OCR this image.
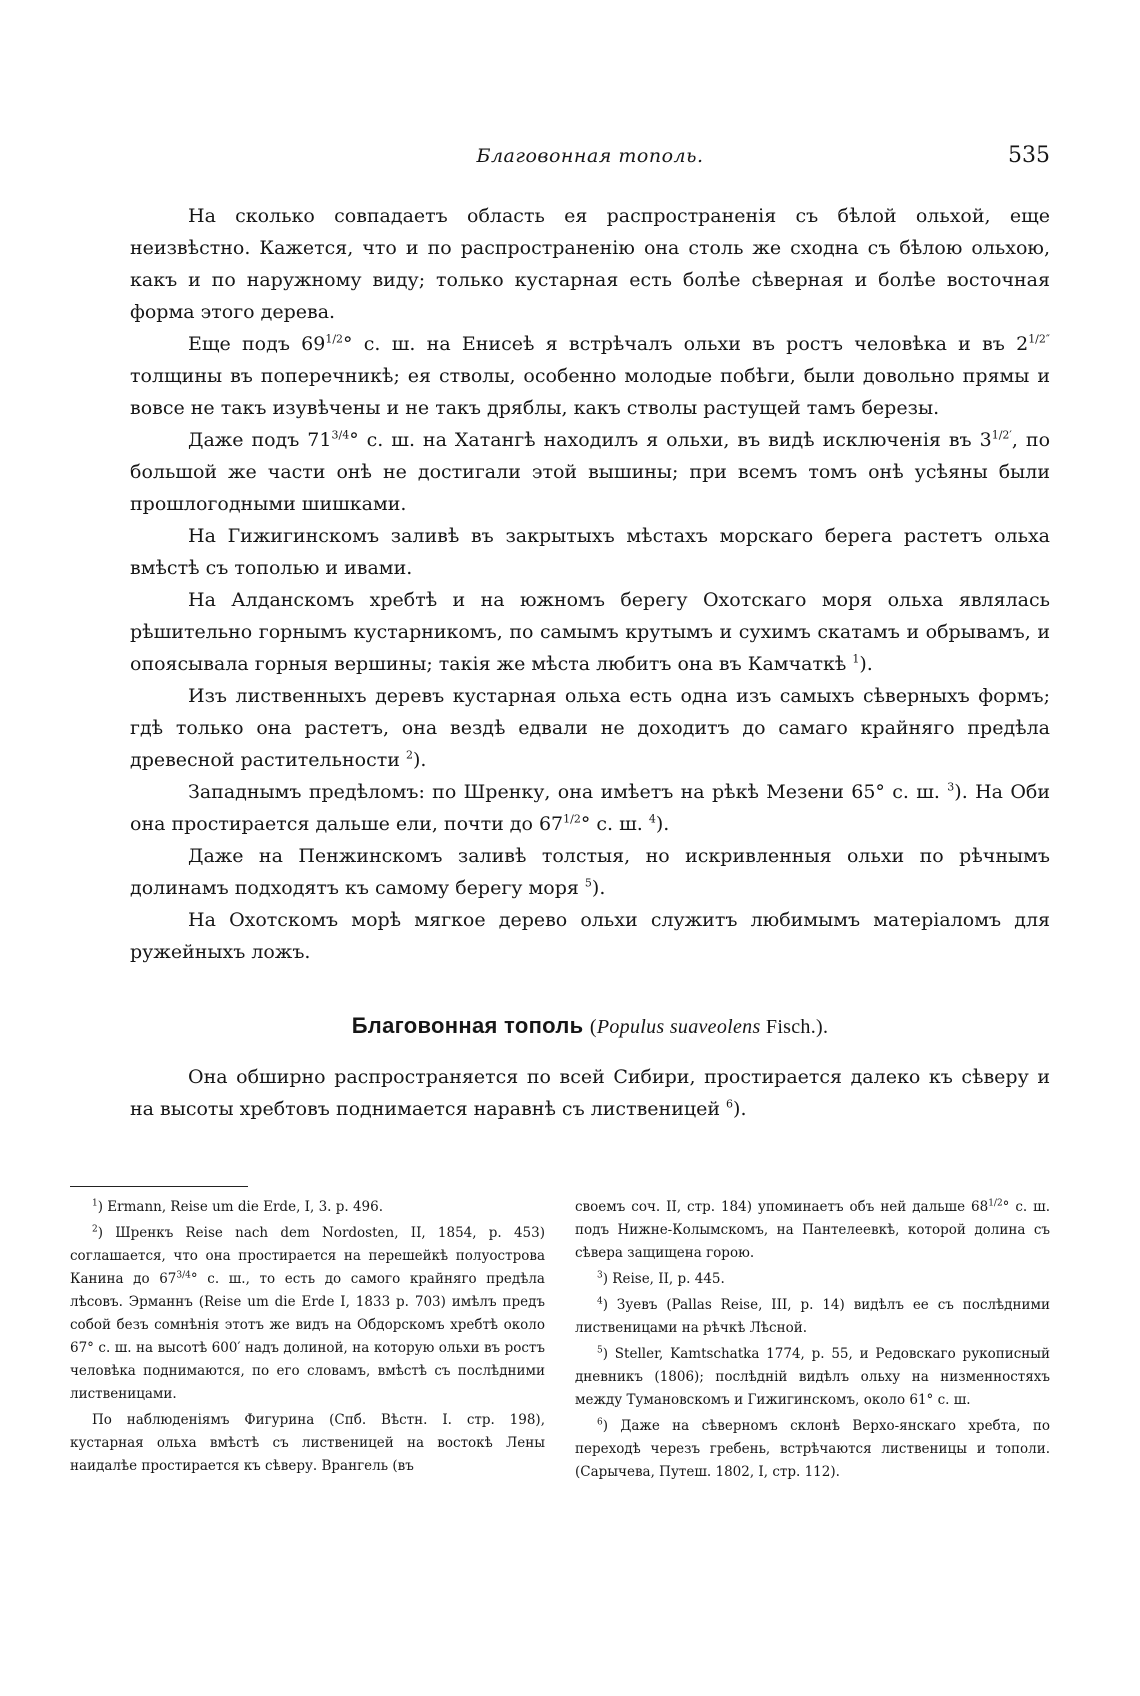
Благовонная тополь.	535

На сколько совпадаетъ область ея распространенія съ бѣлой ольхой, еще неизвѣстно. Кажется, что и по распространенію она столь же сходна съ бѣлою ольхою, какъ и по наружному виду; только кустарная есть болѣе сѣверная и болѣе восточная форма этого дерева.

Еще подъ $69^{1/2}^\circ$ с. ш. на Енисеѣ я встрѣчалъ ольхи въ ростъ человѣка и въ $2^{1/2''}$ толщины въ поперечникѣ; ея стволы, особенно молодые побѣги, были довольно прямы и вовсе не такъ изувѣчены и не такъ дряблы, какъ стволы растущей тамъ березы.

Даже подъ $71^{3/4}^\circ$ с. ш. на Хатангѣ находилъ я ольхи, въ видѣ исключенія въ $3^{1/2'}$, по большой же части онѣ не достигали этой вышины; при всемъ томъ онѣ усѣяны были прошлогодными шишками.

На Гижигинскомъ заливѣ въ закрытыхъ мѣстахъ морскаго берега растетъ ольха вмѣстѣ съ тополью и ивами.

На Алданскомъ хребтѣ и на южномъ берегу Охотскаго моря ольха являлась рѣшительно горнымъ кустарникомъ, по самымъ крутымъ и сухимъ скатамъ и обрывамъ, и опоясывала горныя вершины; такія же мѣста любитъ она въ Камчаткѣ $^1$).

Изъ лиственныхъ деревъ кустарная ольха есть одна изъ самыхъ сѣверныхъ формъ; гдѣ только она растетъ, она вездѣ едвали не доходитъ до самаго крайняго предѣла древесной растительности $^2$).

Западнымъ предѣломъ: по Шренку, она имѣетъ на рѣкѣ Мезени 65° с. ш. $^3$). На Оби она простирается дальше ели, почти до $67^{1/2}^\circ$ с. ш. $^4$).

Даже на Пенжинскомъ заливѣ толстыя, но искривленныя ольхи по рѣчнымъ долинамъ подходятъ къ самому берегу моря $^5$).

На Охотскомъ морѣ мягкое дерево ольхи служитъ любимымъ матеріаломъ для ружейныхъ ложъ.

Благовонная тополь (Populus suaveolens Fisch.).

Она обширно распространяется по всей Сибири, простирается далеко къ сѣверу и на высоты хребтовъ поднимается наравнѣ съ лиственицей $^6$).

$^1$) Ermann, Reise um die Erde, I, 3. p. 496.

$^2$) Шренкъ Reise nach dem Nordosten, II, 1854, p. 453) соглашается, что она простирается на перешейкѣ полуострова Канина до $67^{3/4}^\circ$ с. ш., то есть до самого крайняго предѣла лѣсовъ. Эрманнъ (Reise um die Erde I, 1833 p. 703) имѣлъ предъ собой безъ сомнѣнія этотъ же видъ на Обдорскомъ хребтѣ около 67° с. ш. на высотѣ 600′ надъ долиной, на которую ольхи въ ростъ человѣка поднимаются, по его словамъ, вмѣстѣ съ послѣдними лиственицами.

По наблюденіямъ Фигурина (Спб. Вѣстн. I. стр. 198), кустарная ольха вмѣстѣ съ лиственицей на востокѣ Лены наидалѣе простирается къ сѣверу. Врангель (въ

своемъ соч. II, стр. 184) упоминаетъ объ ней дальше $68^{1/2}^\circ$ с. ш. подъ Нижне-Колымскомъ, на Пантелеевкѣ, которой долина съ сѣвера защищена горою.

$^3$) Reise, II, p. 445.

$^4$) Зуевъ (Pallas Reise, III, p. 14) видѣлъ ее съ послѣдними лиственицами на рѣчкѣ Лѣсной.

$^5$) Steller, Kamtschatka 1774, p. 55, и Редовскаго рукописный дневникъ (1806); послѣдній видѣлъ ольху на низменностяхъ между Тумановскомъ и Гижигинскомъ, около 61° с. ш.

$^6$) Даже на сѣверномъ склонѣ Верхо-янскаго хребта, по переходѣ черезъ гребень, встрѣчаются лиственицы и тополи. (Сарычева, Путеш. 1802, I, стр. 112).
